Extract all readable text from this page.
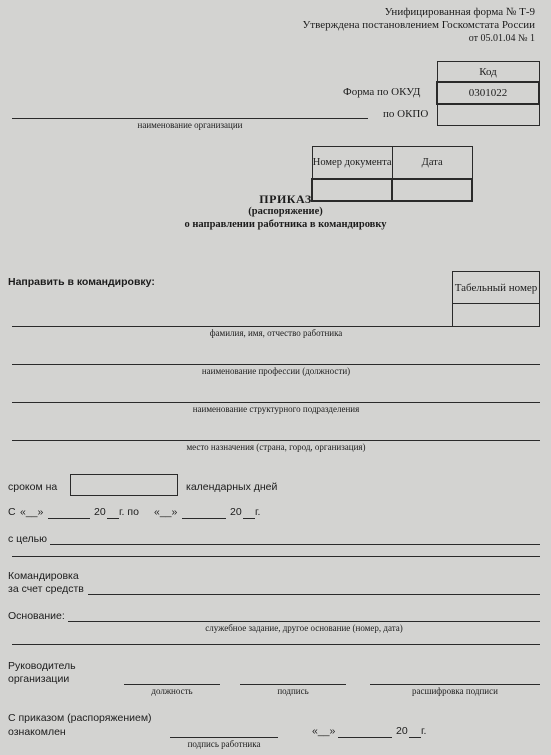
Унифицированная форма № Т-9
Утверждена постановлением Госкомстата России
от 05.01.04 № 1
Код
0301022

Форма по ОКУД
по ОКПО
наименование организации
Номер документа	Дата

ПРИКАЗ
(распоряжение)
о направлении работника в командировку
Направить в командировку:	Табельный номер

фамилия, имя, отчество работника
наименование профессии (должности)
наименование структурного подразделения
место назначения (страна, город, организация)
сроком на	календарных дней
С «__»	20 г. по «__»	20 г.
с целью
Командировка
за счет средств
Основание:
служебное задание, другое основание (номер, дата)
Руководитель
организации
должность	подпись	расшифровка подписи
С приказом (распоряжением)
ознакомлен
подпись работника
«__»	20 г.
